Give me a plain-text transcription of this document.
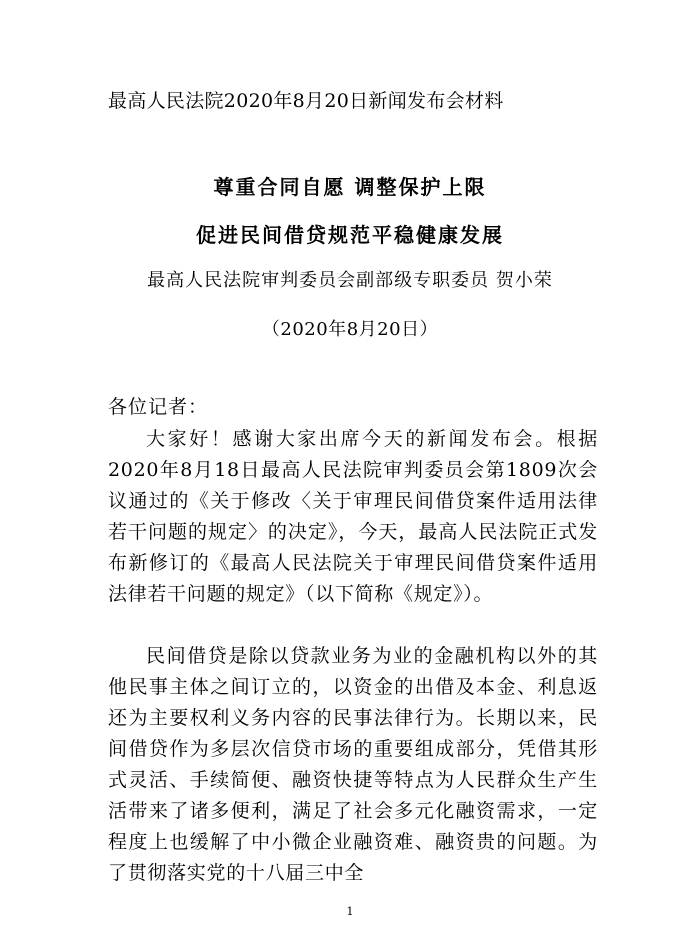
最高人民法院2020年8月20日新闻发布会材料
尊重合同自愿 调整保护上限
促进民间借贷规范平稳健康发展
最高人民法院审判委员会副部级专职委员 贺小荣
（2020年8月20日）
各位记者：

大家好！感谢大家出席今天的新闻发布会。根据2020年8月18日最高人民法院审判委员会第1809次会议通过的《关于修改〈关于审理民间借贷案件适用法律若干问题的规定〉的决定》，今天，最高人民法院正式发布新修订的《最高人民法院关于审理民间借贷案件适用法律若干问题的规定》（以下简称《规定》）。

民间借贷是除以贷款业务为业的金融机构以外的其他民事主体之间订立的，以资金的出借及本金、利息返还为主要权利义务内容的民事法律行为。长期以来，民间借贷作为多层次信贷市场的重要组成部分，凭借其形式灵活、手续简便、融资快捷等特点为人民群众生产生活带来了诸多便利，满足了社会多元化融资需求，一定程度上也缓解了中小微企业融资难、融资贵的问题。为了贯彻落实党的十八届三中全

1
